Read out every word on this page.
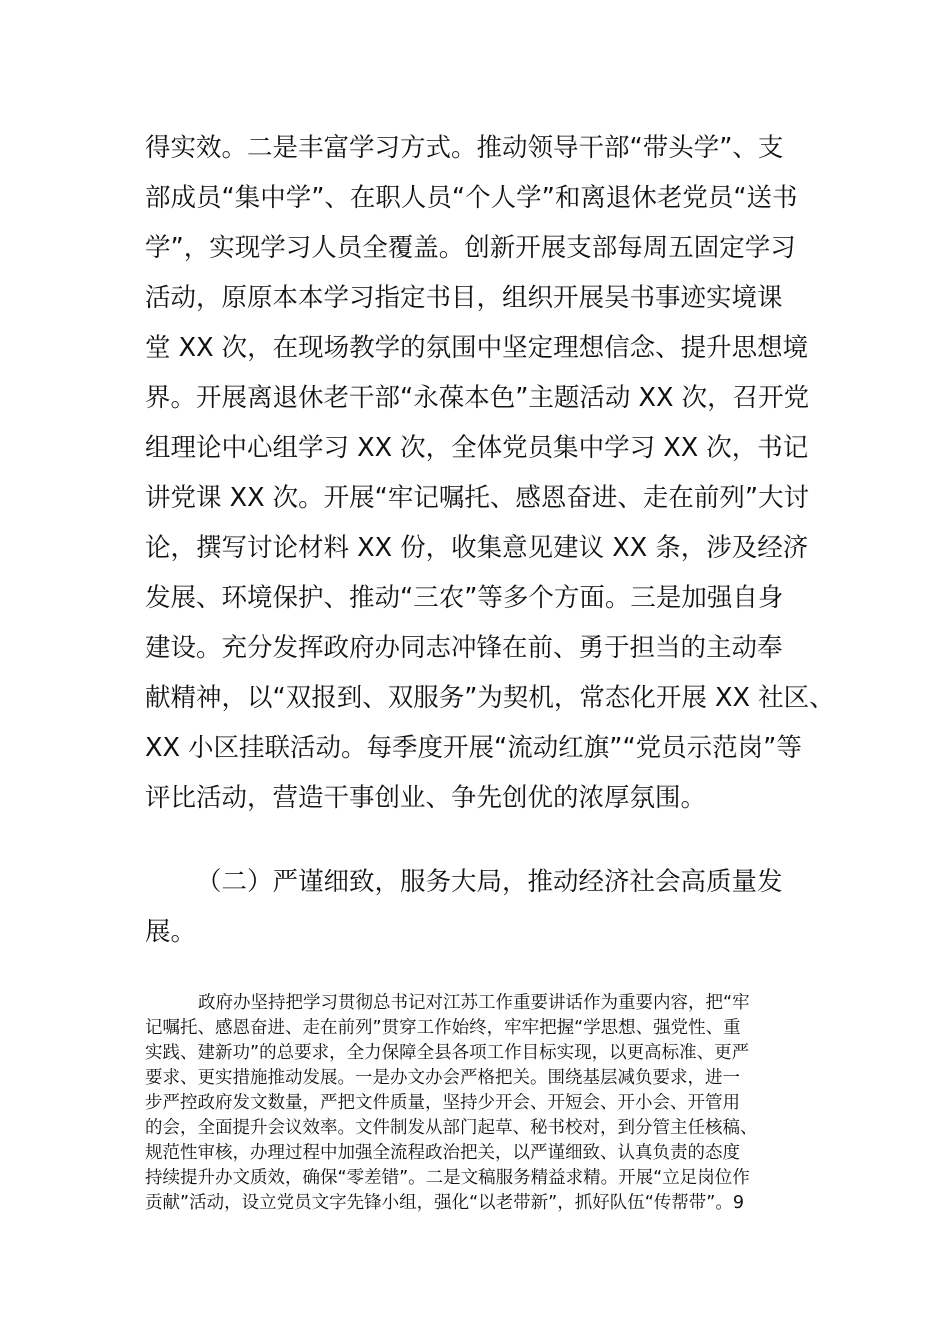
得实效。二是丰富学习方式。推动领导干部“带头学”、支
部成员“集中学”、在职人员“个人学”和离退休老党员“送书
学”，实现学习人员全覆盖。创新开展支部每周五固定学习
活动，原原本本学习指定书目，组织开展吴书事迹实境课
堂 XX 次，在现场教学的氛围中坚定理想信念、提升思想境
界。开展离退休老干部“永葆本色”主题活动 XX 次，召开党
组理论中心组学习 XX 次，全体党员集中学习 XX 次，书记
讲党课 XX 次。开展“牢记嘱托、感恩奋进、走在前列”大讨
论，撰写讨论材料 XX 份，收集意见建议 XX 条，涉及经济
发展、环境保护、推动“三农”等多个方面。三是加强自身
建设。充分发挥政府办同志冲锋在前、勇于担当的主动奉
献精神，以“双报到、双服务”为契机，常态化开展 XX 社区、
XX 小区挂联活动。每季度开展“流动红旗”“党员示范岗”等
评比活动，营造干事创业、争先创优的浓厚氛围。
（二）严谨细致，服务大局，推动经济社会高质量发
展。
政府办坚持把学习贯彻总书记对江苏工作重要讲话作为重要内容，把“牢
记嘱托、感恩奋进、走在前列”贯穿工作始终，牢牢把握“学思想、强党性、重
实践、建新功”的总要求，全力保障全县各项工作目标实现，以更高标准、更严
要求、更实措施推动发展。一是办文办会严格把关。围绕基层减负要求，进一
步严控政府发文数量，严把文件质量，坚持少开会、开短会、开小会、开管用
的会，全面提升会议效率。文件制发从部门起草、秘书校对，到分管主任核稿、
规范性审核，办理过程中加强全流程政治把关，以严谨细致、认真负责的态度
持续提升办文质效，确保“零差错”。二是文稿服务精益求精。开展“立足岗位作
贡献”活动，设立党员文字先锋小组，强化“以老带新”，抓好队伍“传帮带”。9
